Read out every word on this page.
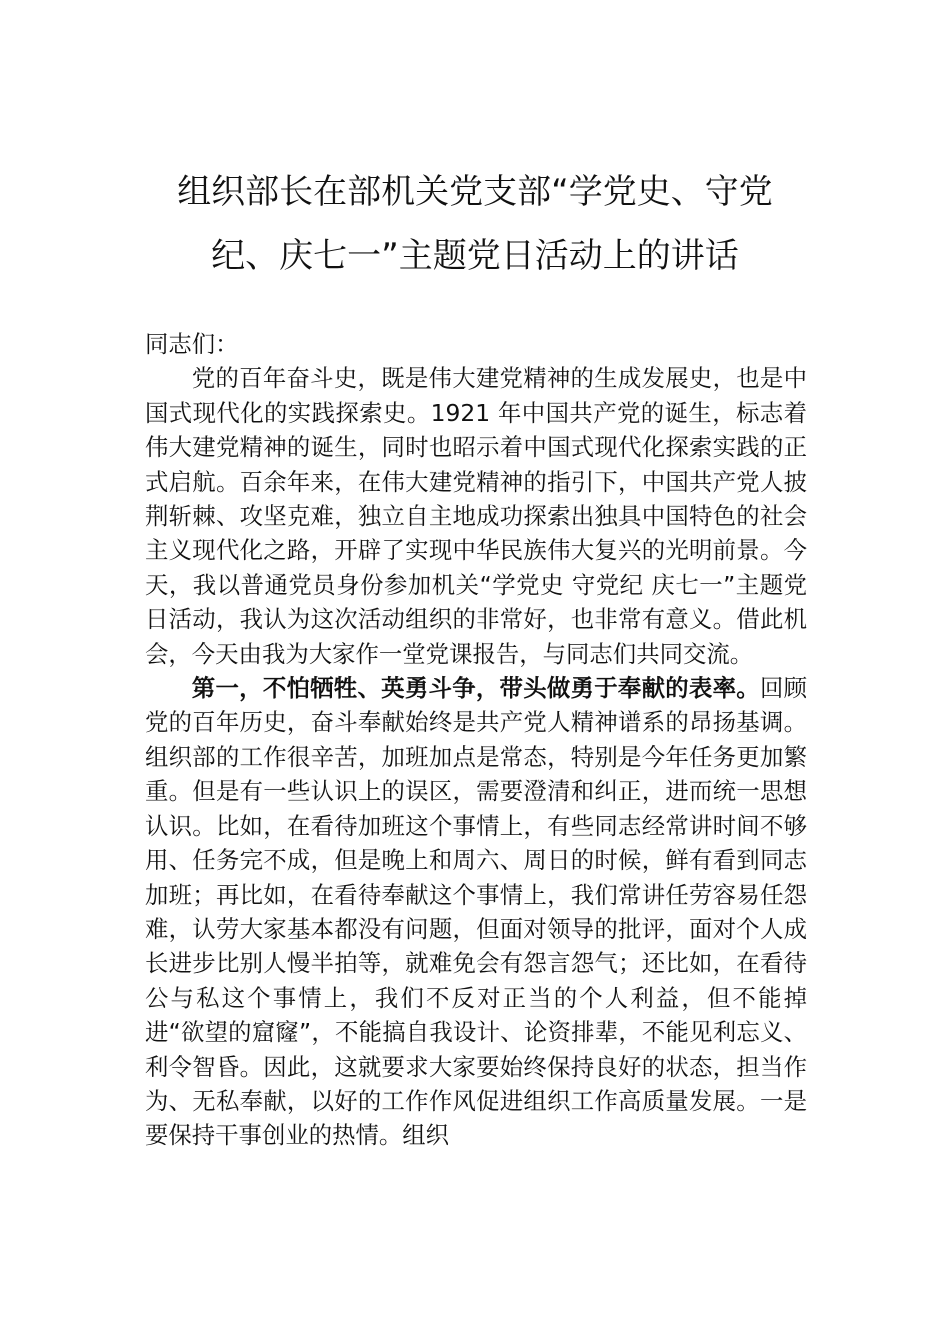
组织部长在部机关党支部“学党史、守党纪、庆七一”主题党日活动上的讲话

同志们：

党的百年奋斗史，既是伟大建党精神的生成发展史，也是中国式现代化的实践探索史。1921 年中国共产党的诞生，标志着伟大建党精神的诞生，同时也昭示着中国式现代化探索实践的正式启航。百余年来，在伟大建党精神的指引下，中国共产党人披荆斩棘、攻坚克难，独立自主地成功探索出独具中国特色的社会主义现代化之路，开辟了实现中华民族伟大复兴的光明前景。今天，我以普通党员身份参加机关“学党史 守党纪 庆七一”主题党日活动，我认为这次活动组织的非常好，也非常有意义。借此机会，今天由我为大家作一堂党课报告，与同志们共同交流。

第一，不怕牺牲、英勇斗争，带头做勇于奉献的表率。回顾党的百年历史，奋斗奉献始终是共产党人精神谱系的昂扬基调。组织部的工作很辛苦，加班加点是常态，特别是今年任务更加繁重。但是有一些认识上的误区，需要澄清和纠正，进而统一思想认识。比如，在看待加班这个事情上，有些同志经常讲时间不够用、任务完不成，但是晚上和周六、周日的时候，鲜有看到同志加班；再比如，在看待奉献这个事情上，我们常讲任劳容易任怨难，认劳大家基本都没有问题，但面对领导的批评，面对个人成长进步比别人慢半拍等，就难免会有怨言怨气；还比如，在看待公与私这个事情上，我们不反对正当的个人利益，但不能掉进“欲望的窟窿”，不能搞自我设计、论资排辈，不能见利忘义、利令智昏。因此，这就要求大家要始终保持良好的状态，担当作为、无私奉献，以好的工作作风促进组织工作高质量发展。一是要保持干事创业的热情。组织
